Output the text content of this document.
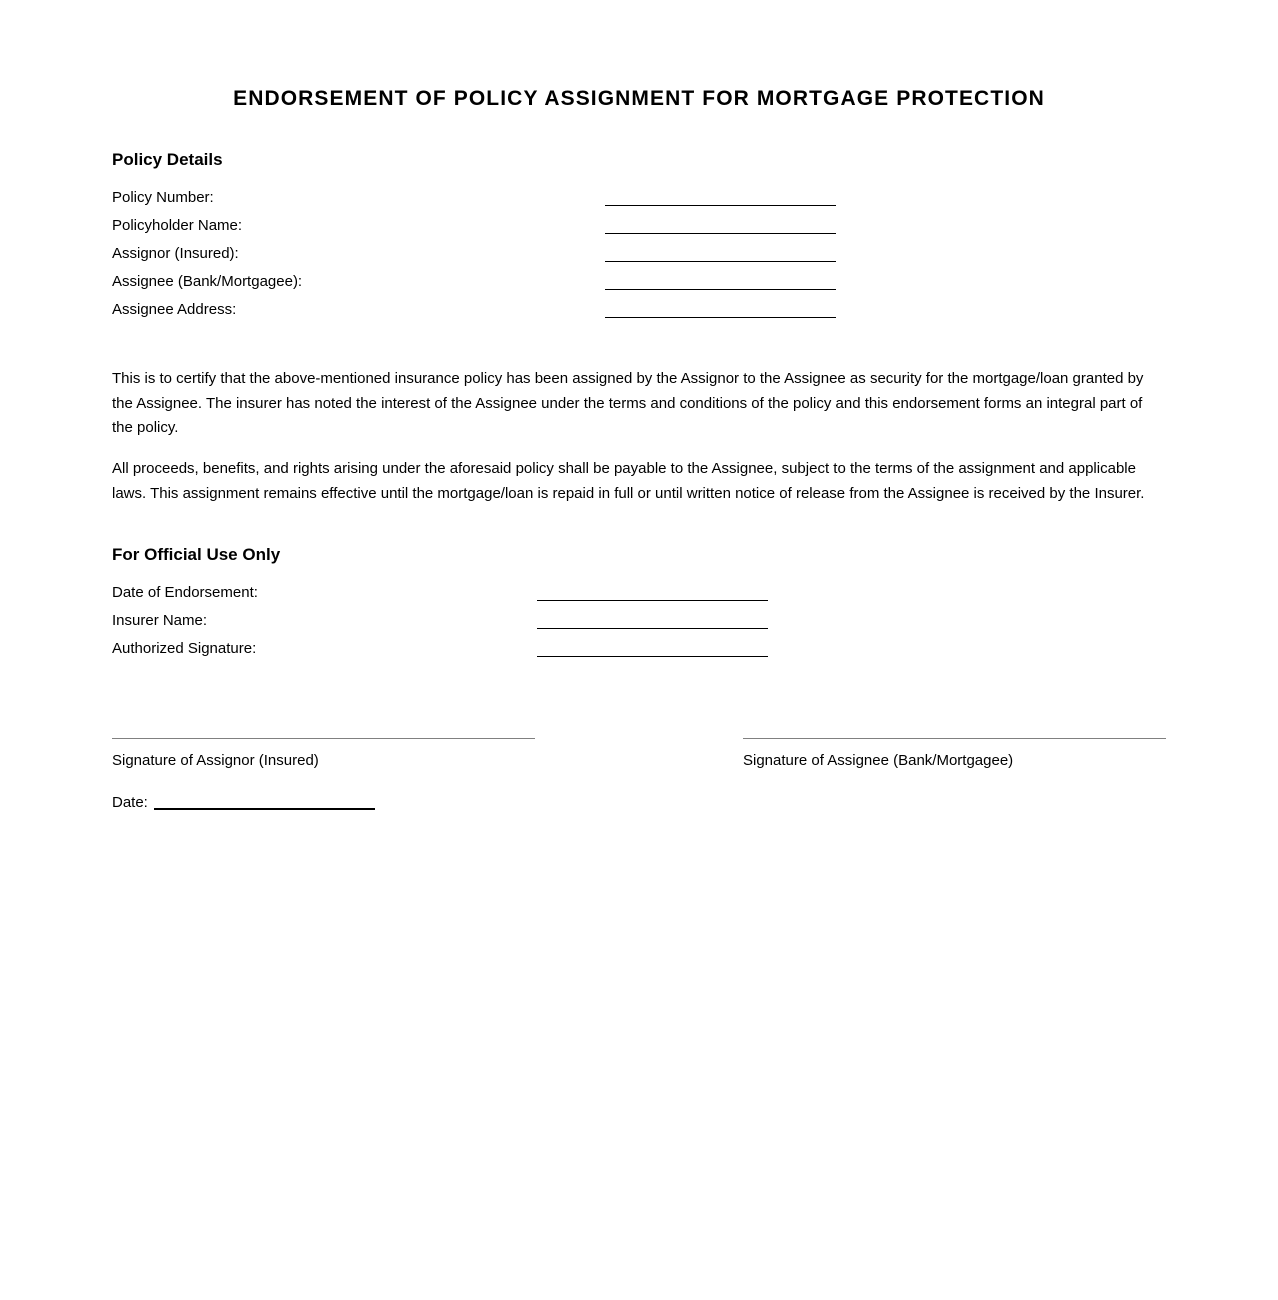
ENDORSEMENT OF POLICY ASSIGNMENT FOR MORTGAGE PROTECTION
Policy Details
Policy Number:
Policyholder Name:
Assignor (Insured):
Assignee (Bank/Mortgagee):
Assignee Address:

This is to certify that the above-mentioned insurance policy has been assigned by the Assignor to the Assignee as security for the mortgage/loan granted by the Assignee. The insurer has noted the interest of the Assignee under the terms and conditions of the policy and this endorsement forms an integral part of the policy.

All proceeds, benefits, and rights arising under the aforesaid policy shall be payable to the Assignee, subject to the terms of the assignment and applicable laws. This assignment remains effective until the mortgage/loan is repaid in full or until written notice of release from the Assignee is received by the Insurer.

For Official Use Only
Date of Endorsement:
Insurer Name:
Authorized Signature:
Signature of Assignor (Insured)	Signature of Assignee (Bank/Mortgagee)
Date:
